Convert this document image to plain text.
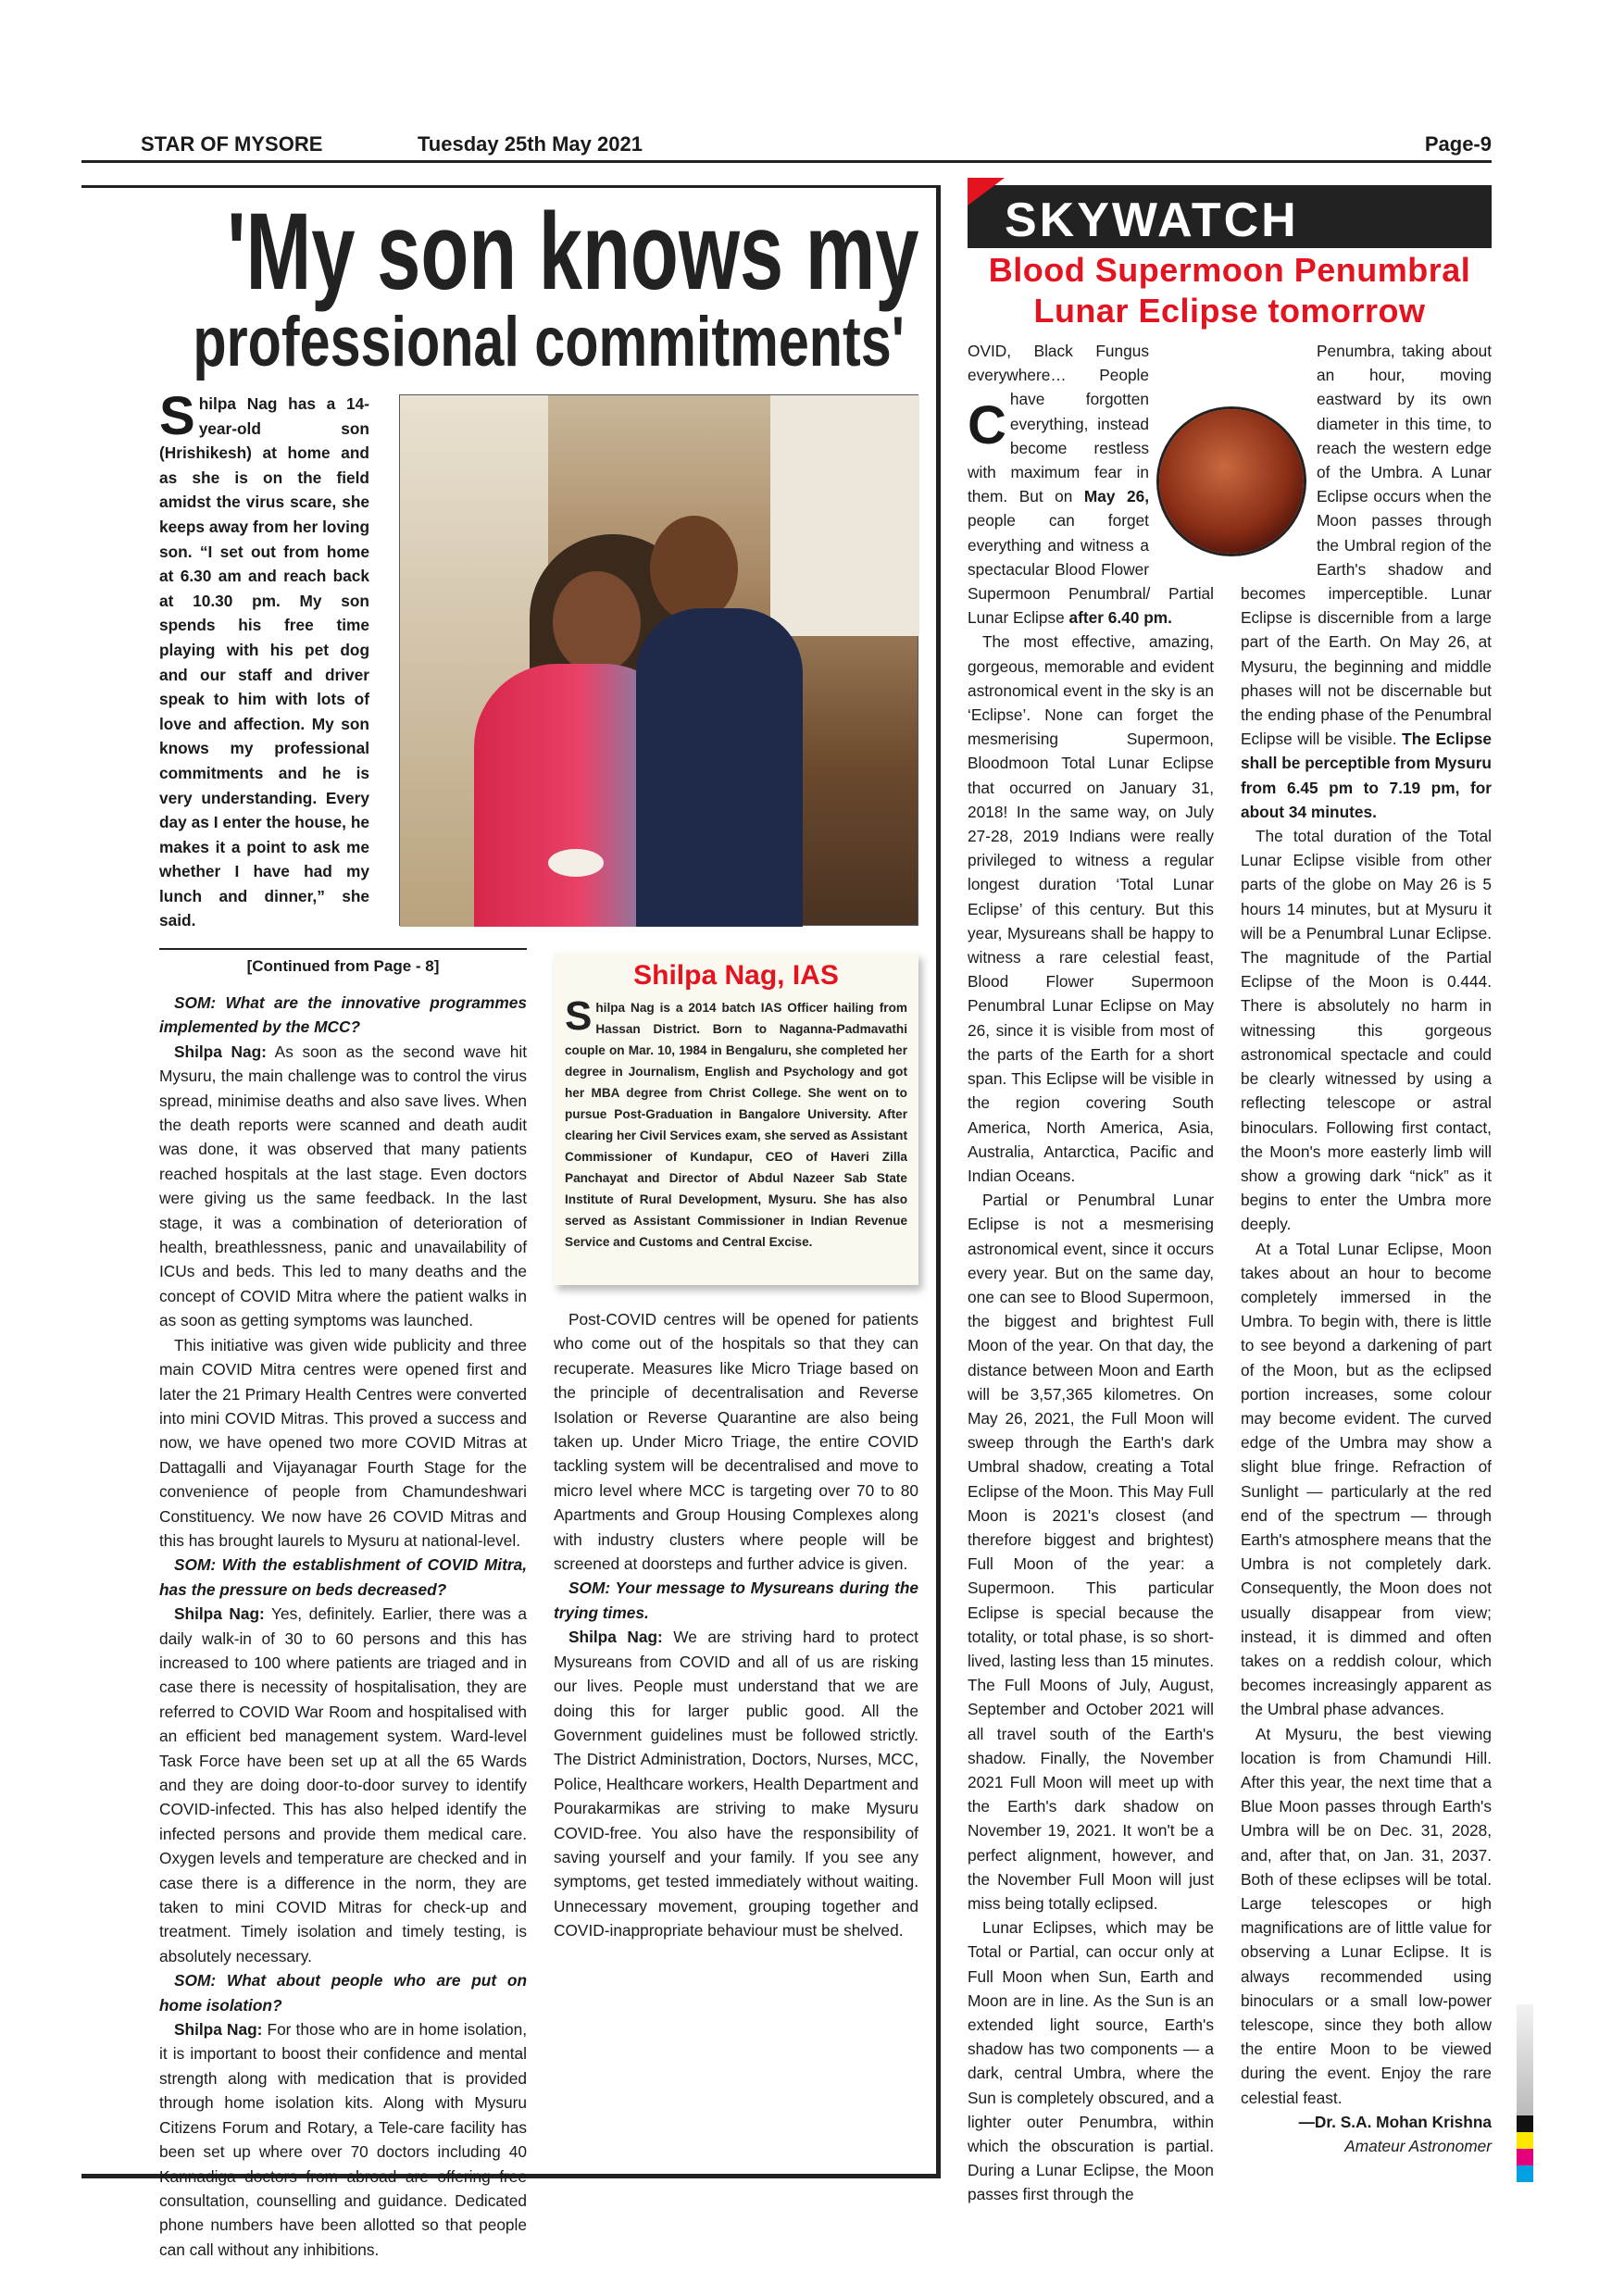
STAR OF MYSORE	Tuesday 25th May 2021	Page-9
'My son knows my
professional commitments'
Shilpa Nag has a 14-year-old son (Hrishikesh) at home and as she is on the field amidst the virus scare, she keeps away from her loving son. “I set out from home at 6.30 am and reach back at 10.30 pm. My son spends his free time playing with his pet dog and our staff and driver speak to him with lots of love and affection. My son knows my professional commitments and he is very understanding. Every day as I enter the house, he makes it a point to ask me whether I have had my lunch and dinner,” she said.
[Continued from Page - 8]

SOM: What are the innovative programmes implemented by the MCC?

Shilpa Nag: As soon as the second wave hit Mysuru, the main challenge was to control the virus spread, minimise deaths and also save lives. When the death reports were scanned and death audit was done, it was observed that many patients reached hospitals at the last stage. Even doctors were giving us the same feedback. In the last stage, it was a combination of deterioration of health, breathlessness, panic and unavailability of ICUs and beds. This led to many deaths and the concept of COVID Mitra where the patient walks in as soon as getting symptoms was launched.

This initiative was given wide publicity and three main COVID Mitra centres were opened first and later the 21 Primary Health Centres were converted into mini COVID Mitras. This proved a success and now, we have opened two more COVID Mitras at Dattagalli and Vijayanagar Fourth Stage for the convenience of people from Chamundeshwari Constituency. We now have 26 COVID Mitras and this has brought laurels to Mysuru at national-level.

SOM: With the establishment of COVID Mitra, has the pressure on beds decreased?

Shilpa Nag: Yes, definitely. Earlier, there was a daily walk-in of 30 to 60 persons and this has increased to 100 where patients are triaged and in case there is necessity of hospitalisation, they are referred to COVID War Room and hospitalised with an efficient bed management system. Ward-level Task Force have been set up at all the 65 Wards and they are doing door-to-door survey to identify COVID-infected. This has also helped identify the infected persons and provide them medical care. Oxygen levels and temperature are checked and in case there is a difference in the norm, they are taken to mini COVID Mitras for check-up and treatment. Timely isolation and timely testing, is absolutely necessary.

SOM: What about people who are put on home isolation?

Shilpa Nag: For those who are in home isolation, it is important to boost their confidence and mental strength along with medication that is provided through home isolation kits. Along with Mysuru Citizens Forum and Rotary, a Tele-care facility has been set up where over 70 doctors including 40 Kannadiga doctors from abroad are offering free consultation, counselling and guidance. Dedicated phone numbers have been allotted so that people can call without any inhibitions.

Shilpa Nag, IAS
Shilpa Nag is a 2014 batch IAS Officer hailing from Hassan District. Born to Naganna-Padmavathi couple on Mar. 10, 1984 in Bengaluru, she completed her degree in Journalism, English and Psychology and got her MBA degree from Christ College. She went on to pursue Post-Graduation in Bangalore University. After clearing her Civil Services exam, she served as Assistant Commissioner of Kundapur, CEO of Haveri Zilla Panchayat and Director of Abdul Nazeer Sab State Institute of Rural Development, Mysuru. She has also served as Assistant Commissioner in Indian Revenue Service and Customs and Central Excise.

Post-COVID centres will be opened for patients who come out of the hospitals so that they can recuperate. Measures like Micro Triage based on the principle of decentralisation and Reverse Isolation or Reverse Quarantine are also being taken up. Under Micro Triage, the entire COVID tackling system will be decentralised and move to micro level where MCC is targeting over 70 to 80 Apartments and Group Housing Complexes along with industry clusters where people will be screened at doorsteps and further advice is given.

SOM: Your message to Mysureans during the trying times.

Shilpa Nag: We are striving hard to protect Mysureans from COVID and all of us are risking our lives. People must understand that we are doing this for larger public good. All the Government guidelines must be followed strictly. The District Administration, Doctors, Nurses, MCC, Police, Healthcare workers, Health Department and Pourakarmikas are striving to make Mysuru COVID-free. You also have the responsibility of saving yourself and your family. If you see any symptoms, get tested immediately without waiting. Unnecessary movement, grouping together and COVID-inappropriate behaviour must be shelved.

SKYWATCH
Blood Supermoon Penumbral
Lunar Eclipse tomorrow

C
OVID, Black Fungus everywhere… People have forgotten everything, instead become restless with maximum fear in them. But on May 26, people can forget everything and witness a spectacular Blood Flower Supermoon Penumbral/ Partial Lunar Eclipse after 6.40 pm.

The most effective, amazing, gorgeous, memorable and evident astronomical event in the sky is an ‘Eclipse’. None can forget the mesmerising Supermoon, Bloodmoon Total Lunar Eclipse that occurred on January 31, 2018! In the same way, on July 27-28, 2019 Indians were really privileged to witness a regular longest duration ‘Total Lunar Eclipse’ of this century. But this year, Mysureans shall be happy to witness a rare celestial feast, Blood Flower Supermoon Penumbral Lunar Eclipse on May 26, since it is visible from most of the parts of the Earth for a short span. This Eclipse will be visible in the region covering South America, North America, Asia, Australia, Antarctica, Pacific and Indian Oceans.

Partial or Penumbral Lunar Eclipse is not a mesmerising astronomical event, since it occurs every year. But on the same day, one can see to Blood Supermoon, the biggest and brightest Full Moon of the year. On that day, the distance between Moon and Earth will be 3,57,365 kilometres. On May 26, 2021, the Full Moon will sweep through the Earth's dark Umbral shadow, creating a Total Eclipse of the Moon. This May Full Moon is 2021's closest (and therefore biggest and brightest) Full Moon of the year: a Supermoon. This particular Eclipse is special because the totality, or total phase, is so short-lived, lasting less than 15 minutes. The Full Moons of July, August, September and October 2021 will all travel south of the Earth's shadow. Finally, the November 2021 Full Moon will meet up with the Earth's dark shadow on November 19, 2021. It won't be a perfect alignment, however, and the November Full Moon will just miss being totally eclipsed.

Lunar Eclipses, which may be Total or Partial, can occur only at Full Moon when Sun, Earth and Moon are in line. As the Sun is an extended light source, Earth's shadow has two components — a dark, central Umbra, where the Sun is completely obscured, and a lighter outer Penumbra, within which the obscuration is partial. During a Lunar Eclipse, the Moon passes first through the

Penumbra, taking about an hour, moving eastward by its own diameter in this time, to reach the western edge of the Umbra. A Lunar Eclipse occurs when the Moon passes through the Umbral region of the Earth's shadow and becomes imperceptible. Lunar Eclipse is discernible from a large part of the Earth. On May 26, at Mysuru, the beginning and middle phases will not be discernable but the ending phase of the Penumbral Eclipse will be visible. The Eclipse shall be perceptible from Mysuru from 6.45 pm to 7.19 pm, for about 34 minutes.

The total duration of the Total Lunar Eclipse visible from other parts of the globe on May 26 is 5 hours 14 minutes, but at Mysuru it will be a Penumbral Lunar Eclipse. The magnitude of the Partial Eclipse of the Moon is 0.444. There is absolutely no harm in witnessing this gorgeous astronomical spectacle and could be clearly witnessed by using a reflecting telescope or astral binoculars. Following first contact, the Moon's more easterly limb will show a growing dark “nick” as it begins to enter the Umbra more deeply.

At a Total Lunar Eclipse, Moon takes about an hour to become completely immersed in the Umbra. To begin with, there is little to see beyond a darkening of part of the Moon, but as the eclipsed portion increases, some colour may become evident. The curved edge of the Umbra may show a slight blue fringe. Refraction of Sunlight — particularly at the red end of the spectrum — through Earth's atmosphere means that the Umbra is not completely dark. Consequently, the Moon does not usually disappear from view; instead, it is dimmed and often takes on a reddish colour, which becomes increasingly apparent as the Umbral phase advances.

At Mysuru, the best viewing location is from Chamundi Hill. After this year, the next time that a Blue Moon passes through Earth's Umbra will be on Dec. 31, 2028, and, after that, on Jan. 31, 2037. Both of these eclipses will be total. Large telescopes or high magnifications are of little value for observing a Lunar Eclipse. It is always recommended using binoculars or a small low-power telescope, since they both allow the entire Moon to be viewed during the event. Enjoy the rare celestial feast.

—Dr. S.A. Mohan Krishna

Amateur Astronomer
